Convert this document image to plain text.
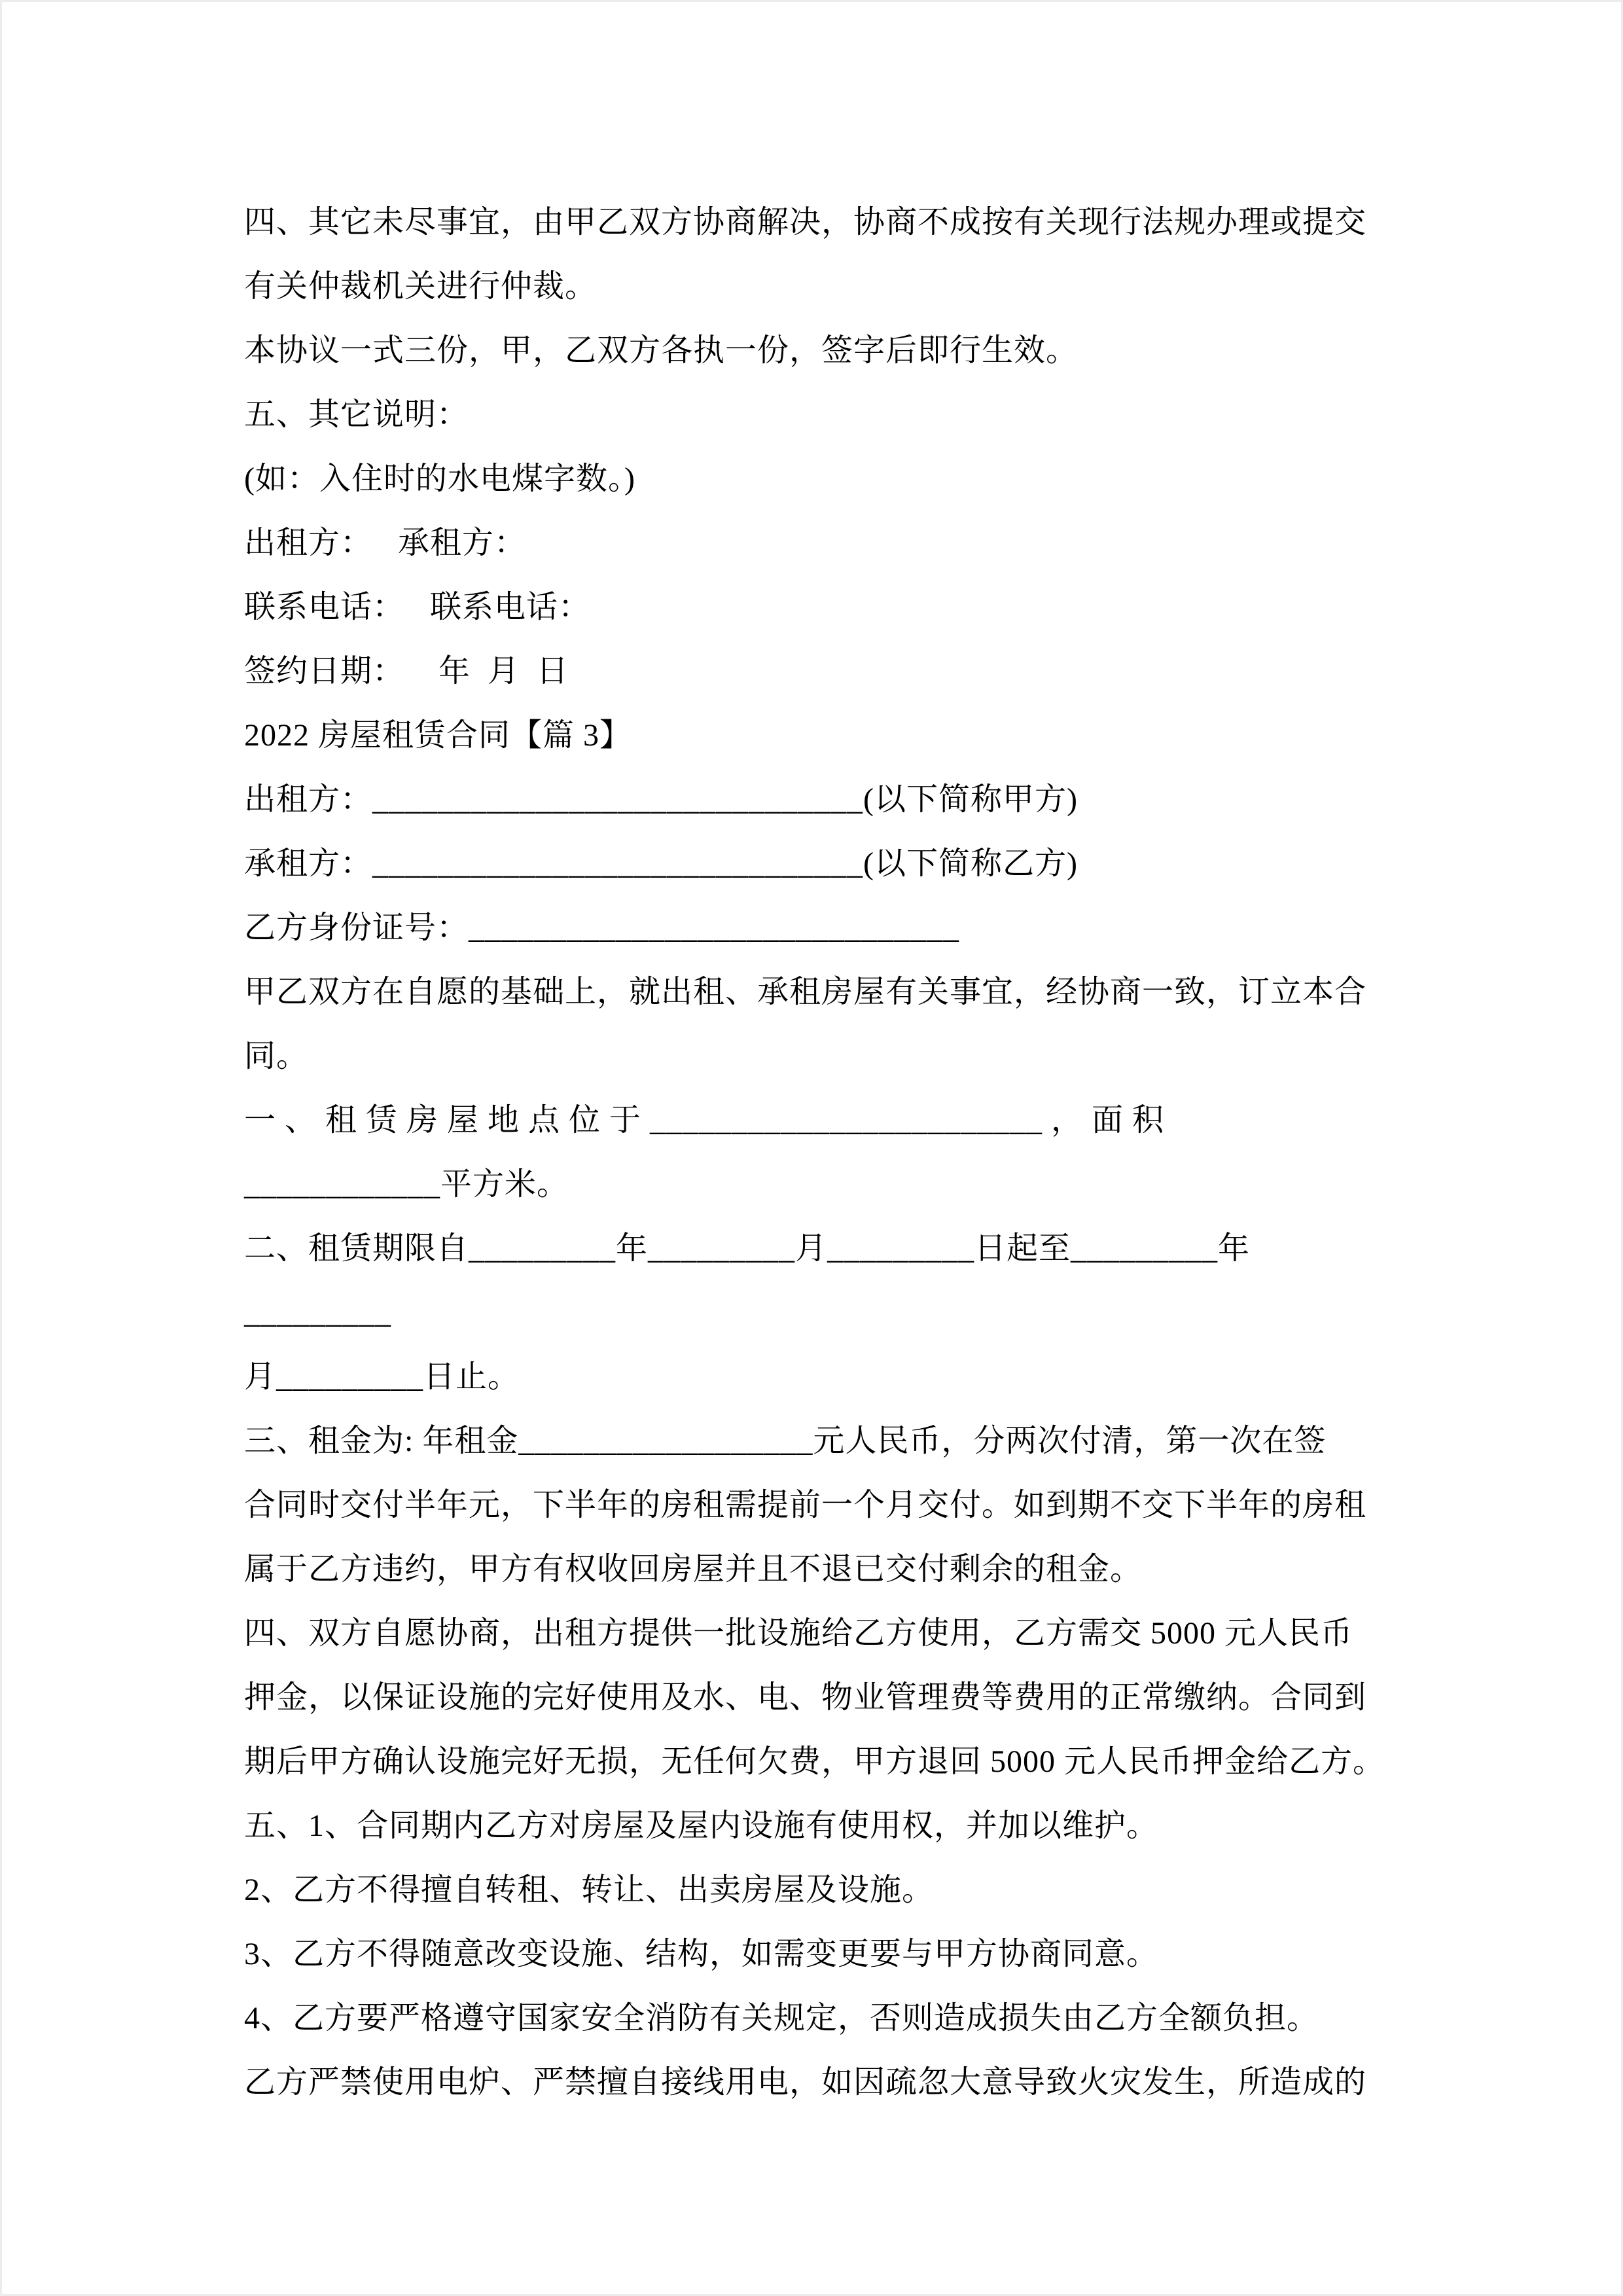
四、其它未尽事宜，由甲乙双方协商解决，协商不成按有关现行法规办理或提交

有关仲裁机关进行仲裁。

本协议一式三份，甲，乙双方各执一份，签字后即行生效。

五、其它说明：

(如：入住时的水电煤字数。)

出租方：   承租方：

联系电话：   联系电话：

签约日期：    年  月  日

2022 房屋租赁合同【篇 3】

出租方：______________________________(以下简称甲方)

承租方：______________________________(以下简称乙方)

乙方身份证号：______________________________

甲乙双方在自愿的基础上，就出租、承租房屋有关事宜，经协商一致，订立本合

同。

一 、 租 赁 房 屋 地 点 位 于 ________________________ ， 面 积

____________平方米。

二、租赁期限自_________年_________月_________日起至_________年_________

月_________日止。

三、租金为: 年租金__________________元人民币，分两次付清，第一次在签

合同时交付半年元，下半年的房租需提前一个月交付。如到期不交下半年的房租

属于乙方违约，甲方有权收回房屋并且不退已交付剩余的租金。

四、双方自愿协商，出租方提供一批设施给乙方使用，乙方需交 5000 元人民币

押金，以保证设施的完好使用及水、电、物业管理费等费用的正常缴纳。合同到

期后甲方确认设施完好无损，无任何欠费，甲方退回 5000 元人民币押金给乙方。

五、1、合同期内乙方对房屋及屋内设施有使用权，并加以维护。

2、乙方不得擅自转租、转让、出卖房屋及设施。

3、乙方不得随意改变设施、结构，如需变更要与甲方协商同意。

4、乙方要严格遵守国家安全消防有关规定，否则造成损失由乙方全额负担。

乙方严禁使用电炉、严禁擅自接线用电，如因疏忽大意导致火灾发生，所造成的
